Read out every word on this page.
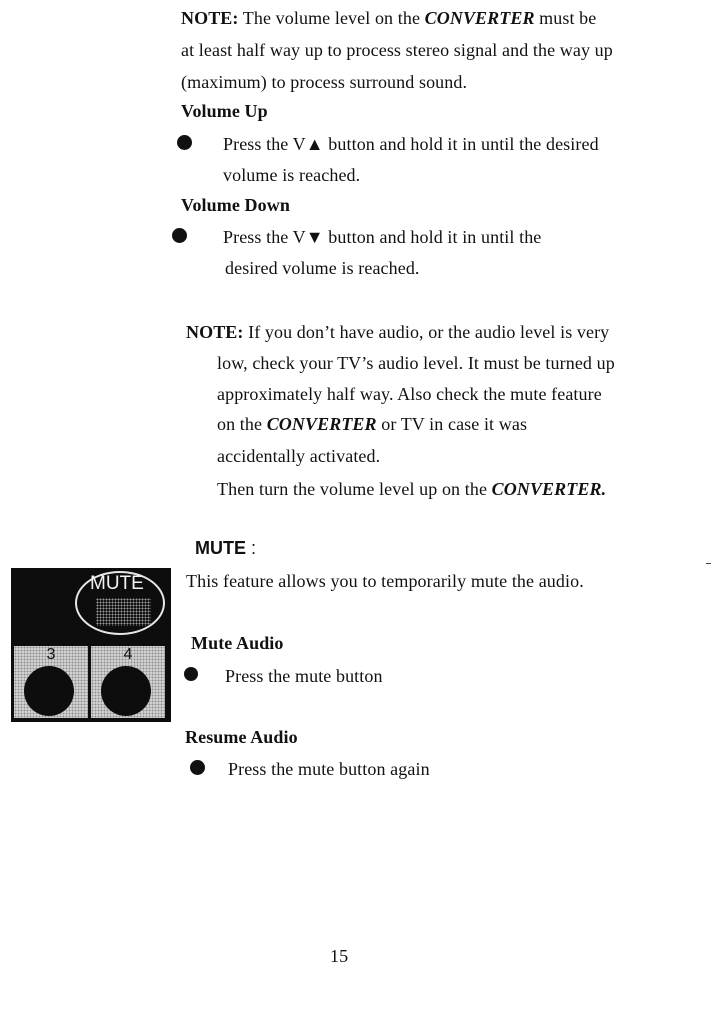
NOTE: The volume level on the CONVERTER must be
at least half way up to process stereo signal and the way up
(maximum) to process surround sound.
Volume Up
Press the V▲ button and hold it in until the desired
volume is reached.
Volume Down
Press the V▼ button and hold it in until the
desired volume is reached.
NOTE: If you don’t have audio, or the audio level is very
low, check your TV’s audio level. It must be turned up
approximately half way. Also check the mute feature
on the CONVERTER or TV in case it was
accidentally activated.
Then turn the volume level up on the CONVERTER.
MUTE :
MUTE
3	4
This feature allows you to temporarily mute the audio.
Mute Audio
Press the mute button
Resume Audio
Press the mute button again
15
